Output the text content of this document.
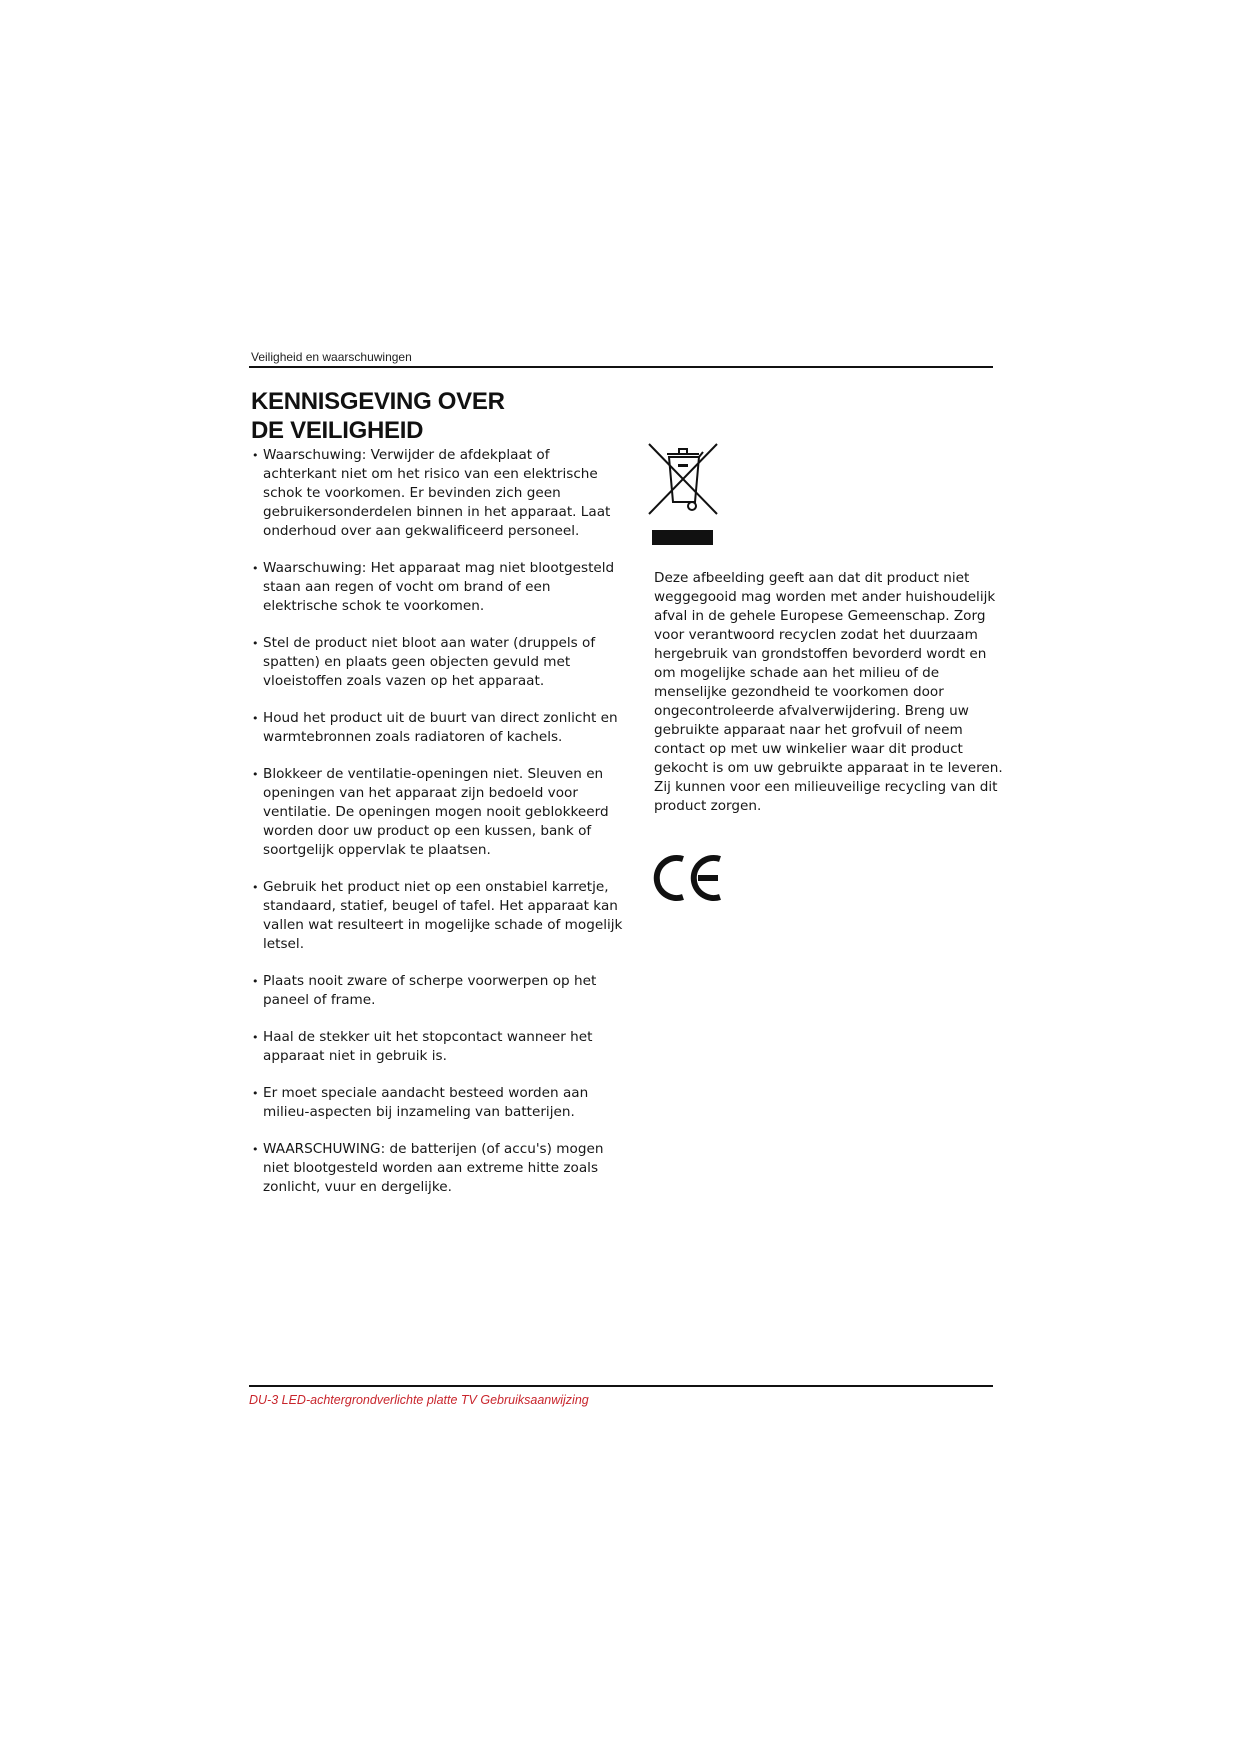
Veiligheid en waarschuwingen
KENNISGEVING OVER
DE VEILIGHEID
• Waarschuwing: Verwijder de afdekplaat of achterkant niet om het risico van een elektrische schok te voorkomen. Er bevinden zich geen gebruikersonderdelen binnen in het apparaat. Laat onderhoud over aan gekwalificeerd personeel.
• Waarschuwing: Het apparaat mag niet blootgesteld staan aan regen of vocht om brand of een elektrische schok te voorkomen.
• Stel de product niet bloot aan water (druppels of spatten) en plaats geen objecten gevuld met vloeistoffen zoals vazen op het apparaat.
• Houd het product uit de buurt van direct zonlicht en warmtebronnen zoals radiatoren of kachels.
• Blokkeer de ventilatie-openingen niet. Sleuven en openingen van het apparaat zijn bedoeld voor ventilatie. De openingen mogen nooit geblokkeerd worden door uw product op een kussen, bank of soortgelijk oppervlak te plaatsen.
• Gebruik het product niet op een onstabiel karretje, standaard, statief, beugel of tafel. Het apparaat kan vallen wat resulteert in mogelijke schade of mogelijk letsel.
• Plaats nooit zware of scherpe voorwerpen op het paneel of frame.
• Haal de stekker uit het stopcontact wanneer het apparaat niet in gebruik is.
• Er moet speciale aandacht besteed worden aan milieu-aspecten bij inzameling van batterijen.
• WAARSCHUWING: de batterijen (of accu's) mogen niet blootgesteld worden aan extreme hitte zoals zonlicht, vuur en dergelijke.

Deze afbeelding geeft aan dat dit product niet weggegooid mag worden met ander huishoudelijk afval in de gehele Europese Gemeenschap. Zorg voor verantwoord recyclen zodat het duurzaam hergebruik van grondstoffen bevorderd wordt en om mogelijke schade aan het milieu of de menselijke gezondheid te voorkomen door ongecontroleerde afvalverwijdering. Breng uw gebruikte apparaat naar het grofvuil of neem contact op met uw winkelier waar dit product gekocht is om uw gebruikte apparaat in te leveren. Zij kunnen voor een milieuveilige recycling van dit product zorgen.

DU-3 LED-achtergrondverlichte platte TV Gebruiksaanwijzing
